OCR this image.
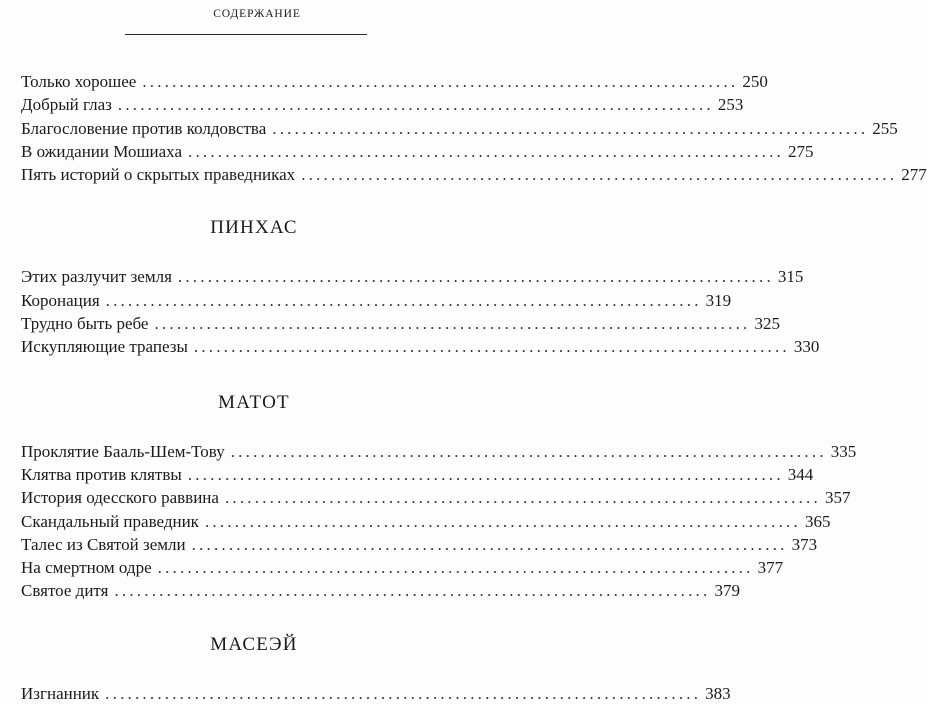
СОДЕРЖАНИЕ
Только хорошее ................................................................................ 250
Добрый глаз ................................................................................ 253
Благословение против колдовства ................................................................................ 255
В ожидании Мошиаха ................................................................................ 275
Пять историй о скрытых праведниках ................................................................................ 277
ПИНХАС
Этих разлучит земля ................................................................................ 315
Коронация ................................................................................ 319
Трудно быть ребе ................................................................................ 325
Искупляющие трапезы ................................................................................ 330
МАТОТ
Проклятие Бааль-Шем-Тову ................................................................................ 335
Клятва против клятвы ................................................................................ 344
История одесского раввина ................................................................................ 357
Скандальный праведник ................................................................................ 365
Талес из Святой земли ................................................................................ 373
На смертном одре ................................................................................ 377
Святое дитя ................................................................................ 379
МАСЕЭЙ
Изгнанник ................................................................................ 383
